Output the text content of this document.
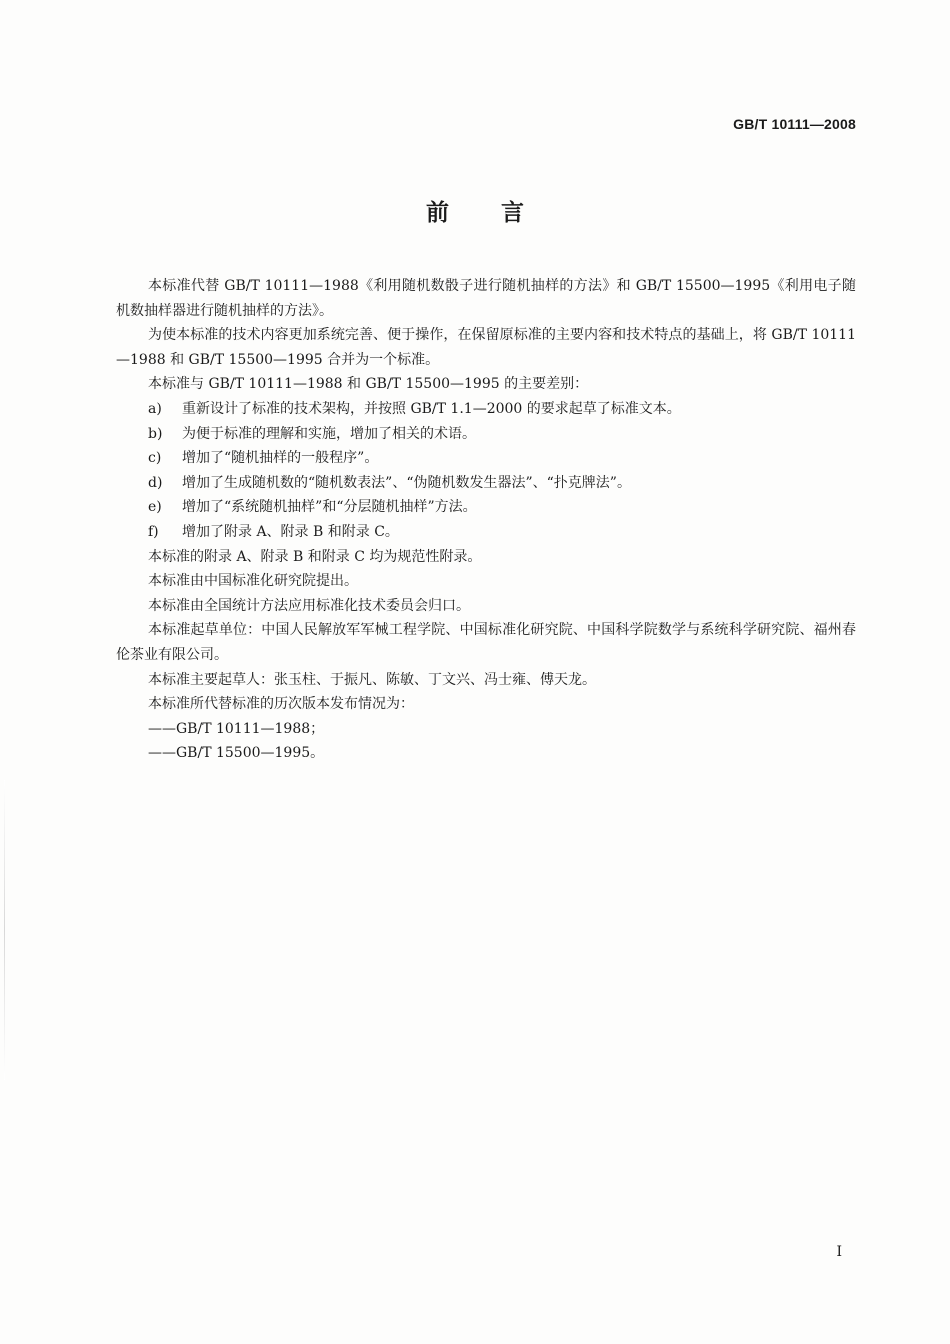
GB/T 10111—2008
前言

本标准代替 GB/T 10111—1988《利用随机数骰子进行随机抽样的方法》和 GB/T 15500—1995《利用电子随机数抽样器进行随机抽样的方法》。

为使本标准的技术内容更加系统完善、便于操作，在保留原标准的主要内容和技术特点的基础上，将 GB/T 10111—1988 和 GB/T 15500—1995 合并为一个标准。

本标准与 GB/T 10111—1988 和 GB/T 15500—1995 的主要差别：

a)	重新设计了标准的技术架构，并按照 GB/T 1.1—2000 的要求起草了标准文本。
b)	为便于标准的理解和实施，增加了相关的术语。
c)	增加了“随机抽样的一般程序”。
d)	增加了生成随机数的“随机数表法”、“伪随机数发生器法”、“扑克牌法”。
e)	增加了“系统随机抽样”和“分层随机抽样”方法。
f)	增加了附录 A、附录 B 和附录 C。

本标准的附录 A、附录 B 和附录 C 均为规范性附录。

本标准由中国标准化研究院提出。

本标准由全国统计方法应用标准化技术委员会归口。

本标准起草单位：中国人民解放军军械工程学院、中国标准化研究院、中国科学院数学与系统科学研究院、福州春伦茶业有限公司。

本标准主要起草人：张玉柱、于振凡、陈敏、丁文兴、冯士雍、傅天龙。

本标准所代替标准的历次版本发布情况为：

——GB/T 10111—1988；

——GB/T 15500—1995。

I
